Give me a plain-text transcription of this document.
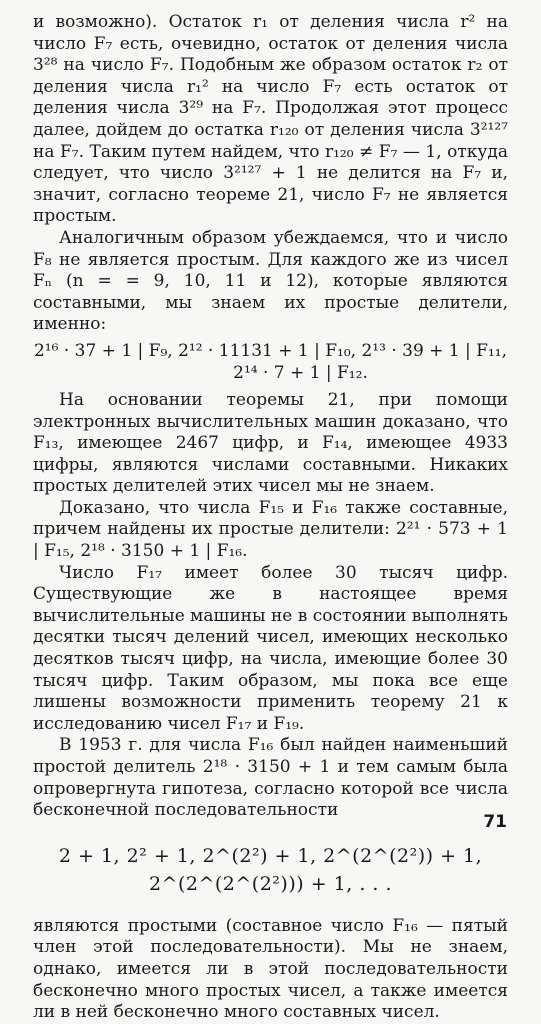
и возможно). Остаток r₁ от деления числа r² на число F₇ есть, очевидно, остаток от деления числа 3²⁸ на число F₇. Подобным же образом остаток r₂ от деления числа r₁² на число F₇ есть остаток от деления числа 3²⁹ на F₇. Продолжая этот процесс далее, дойдем до остатка r₁₂₀ от деления числа 3²¹²⁷ на F₇. Таким путем найдем, что r₁₂₀ ≠ F₇ — 1, откуда следует, что число 3²¹²⁷ + 1 не делится на F₇ и, значит, согласно теореме 21, число F₇ не является простым.

Аналогичным образом убеждаемся, что и число F₈ не является простым. Для каждого же из чисел Fₙ (n = = 9, 10, 11 и 12), которые являются составными, мы знаем их простые делители, именно:

2¹⁶ · 37 + 1 | F₉, 2¹² · 11131 + 1 | F₁₀, 2¹³ · 39 + 1 | F₁₁,

2¹⁴ · 7 + 1 | F₁₂.

На основании теоремы 21, при помощи электронных вычислительных машин доказано, что F₁₃, имеющее 2467 цифр, и F₁₄, имеющее 4933 цифры, являются числами составными. Никаких простых делителей этих чисел мы не знаем.

Доказано, что числа F₁₅ и F₁₆ также составные, причем найдены их простые делители: 2²¹ · 573 + 1 | F₁₅, 2¹⁸ · 3150 + 1 | F₁₆.

Число F₁₇ имеет более 30 тысяч цифр. Существующие же в настоящее время вычислительные машины не в состоянии выполнять десятки тысяч делений чисел, имеющих несколько десятков тысяч цифр, на числа, имеющие более 30 тысяч цифр. Таким образом, мы пока все еще лишены возможности применить теорему 21 к исследованию чисел F₁₇ и F₁₉.

В 1953 г. для числа F₁₆ был найден наименьший простой делитель 2¹⁸ · 3150 + 1 и тем самым была опровергнута гипотеза, согласно которой все числа бесконечной последовательности

2 + 1, 2² + 1, 2^(2²) + 1, 2^(2^(2²)) + 1, 2^(2^(2^(2²))) + 1, . . .

являются простыми (составное число F₁₆ — пятый член этой последовательности). Мы не знаем, однако, имеется ли в этой последовательности бесконечно много простых чисел, а также имеется ли в ней бесконечно много составных чисел.

71
